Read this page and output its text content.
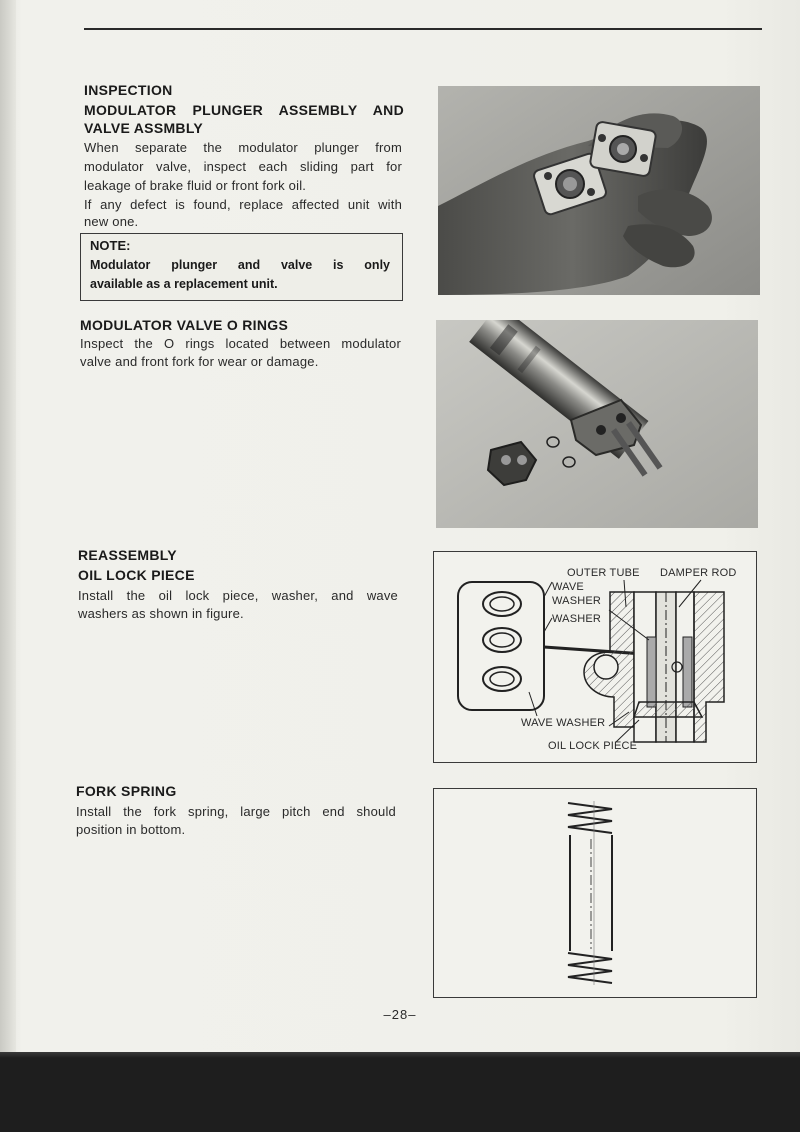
INSPECTION
MODULATOR PLUNGER ASSEMBLY AND
VALVE ASSMBLY
When separate the modulator plunger from
modulator valve, inspect each sliding part for
leakage of brake fluid or front fork oil.
If any defect is found, replace affected unit with
new one.
NOTE:
Modulator plunger and valve is only
available as a replacement unit.
MODULATOR VALVE O RINGS
Inspect the O rings located between modulator
valve and front fork for wear or damage.
REASSEMBLY
OIL LOCK PIECE
Install the oil lock piece, washer, and wave
washers as shown in figure.
OUTER TUBE DAMPER ROD
WAVE
WASHER
WASHER
WAVE WASHER
OIL LOCK PIECE
FORK SPRING
Install the fork spring, large pitch end should
position in bottom.
–28–
